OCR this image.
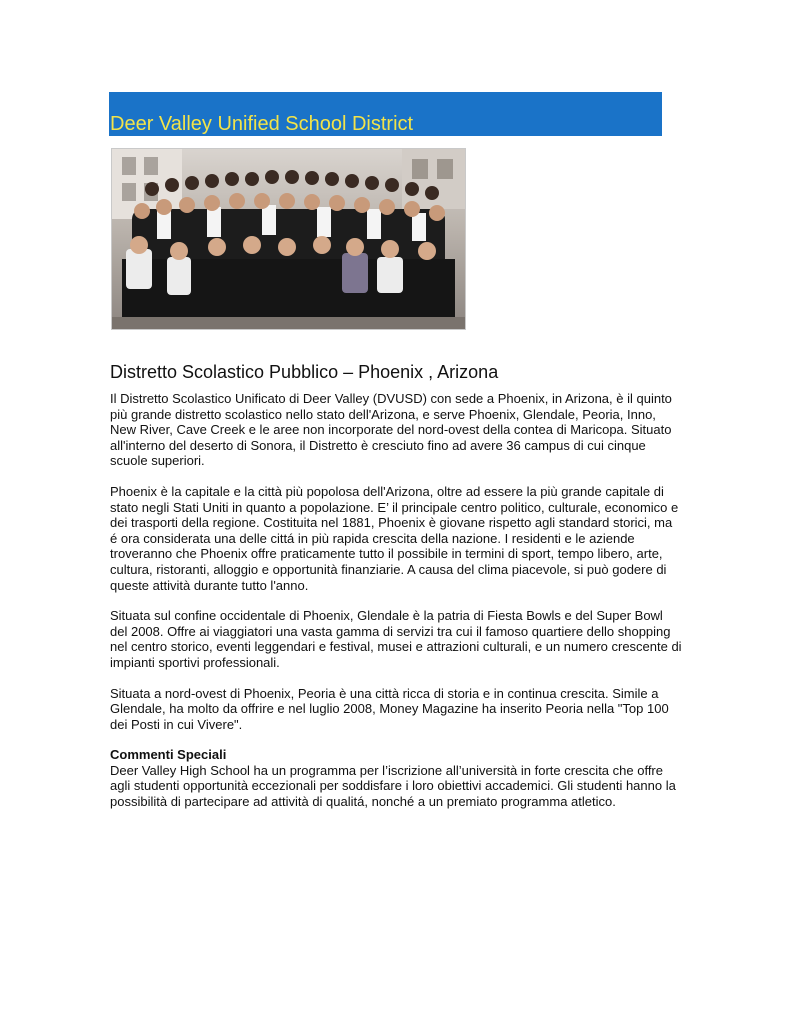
Deer Valley Unified School District
Distretto Scolastico Pubblico – Phoenix , Arizona

Il Distretto Scolastico Unificato di Deer Valley (DVUSD) con sede a Phoenix, in Arizona, è il quinto più grande distretto scolastico nello stato dell'Arizona, e serve Phoenix, Glendale, Peoria, Inno, New River, Cave Creek e le aree non incorporate del nord-ovest della contea di Maricopa. Situato all'interno del deserto di Sonora, il Distretto è cresciuto fino ad avere 36 campus di cui cinque scuole superiori.

Phoenix è la capitale e la città più popolosa dell'Arizona, oltre ad essere la più grande capitale di stato negli Stati Uniti in quanto a popolazione. E’ il principale centro politico, culturale, economico e dei trasporti della regione. Costituita nel 1881, Phoenix è giovane rispetto agli standard storici, ma é ora considerata una delle cittá in più rapida crescita della nazione. I residenti e le aziende troveranno che Phoenix offre praticamente tutto il possibile in termini di sport, tempo libero, arte, cultura, ristoranti, alloggio e opportunità finanziarie. A causa del clima piacevole, si può godere di queste attività durante tutto l'anno.

Situata sul confine occidentale di Phoenix, Glendale è la patria di Fiesta Bowls e del Super Bowl del 2008. Offre ai viaggiatori una vasta gamma di servizi tra cui il famoso quartiere dello shopping nel centro storico, eventi leggendari e festival, musei e attrazioni culturali, e un numero crescente di impianti sportivi professionali.

Situata a nord-ovest di Phoenix, Peoria è una città ricca di storia e in continua crescita. Simile a Glendale, ha molto da offrire e nel luglio 2008, Money Magazine ha inserito Peoria nella "Top 100 dei Posti in cui Vivere".

Commenti Speciali

Deer Valley High School ha un programma per l’iscrizione all’università in forte crescita che offre agli studenti opportunità eccezionali per soddisfare i loro obiettivi accademici. Gli studenti hanno la possibilità di partecipare ad attività di qualitá, nonché a un premiato programma atletico.
